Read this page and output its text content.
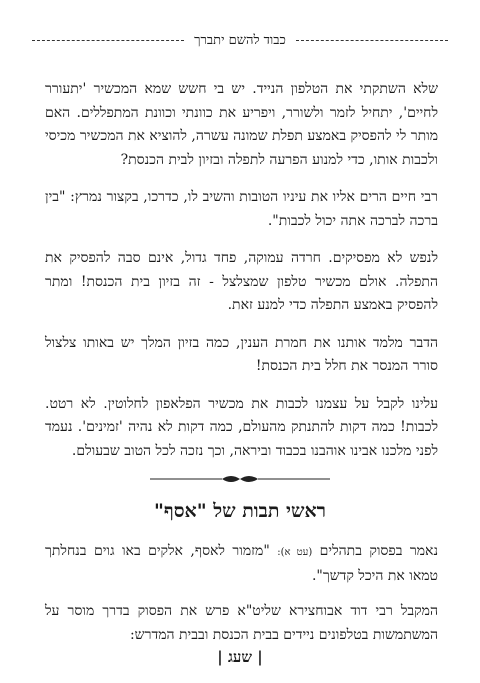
כבוד להשם יתברך

שלא השתקתי את הטלפון הנייד. יש בי חשש שמא המכשיר 'יתעורר לחיים', יתחיל לזמר ולשורר, ויפריע את כוונתי וכוונת המתפללים. האם מותר לי להפסיק באמצע תפלת שמונה עשרה, להוציא את המכשיר מכיסי ולכבות אותו, כדי למנוע הפרעה לתפלה ובזיון לבית הכנסת?

רבי חיים הרים אליו את עיניו הטובות והשיב לו, כדרכו, בקצור נמרץ: "בין ברכה לברכה אתה יכול לכבות".

לנפש לא מפסיקים. חרדה עמוקה, פחד גדול, אינם סבה להפסיק את התפלה. אולם מכשיר טלפון שמצלצל - זה בזיון בית הכנסת! ומתר להפסיק באמצע התפלה כדי למנע זאת.

הדבר מלמד אותנו את חמרת הענין, כמה בזיון המלך יש באותו צלצול סורר המנסר את חלל בית הכנסת!

עלינו לקבל על עצמנו לכבות את מכשיר הפלאפון לחלוטין. לא רטט. לכבות! כמה דקות להתנתק מהעולם, כמה דקות לא נהיה 'זמינים'. נעמד לפני מלכנו אבינו אוהבנו בכבוד וביראה, וכך נזכה לכל הטוב שבעולם.

ראשי תבות של "אסף"

נאמר בפסוק בתהלים (עט א): "מזמור לאסף, אלקים באו גוים בנחלתך טמאו את היכל קדשך".

המקבל רבי דוד אבוחצירא שליט"א פרש את הפסוק בדרך מוסר על המשתמשות בטלפונים ניידים בבית הכנסת ובבית המדרש:

| שעג |
